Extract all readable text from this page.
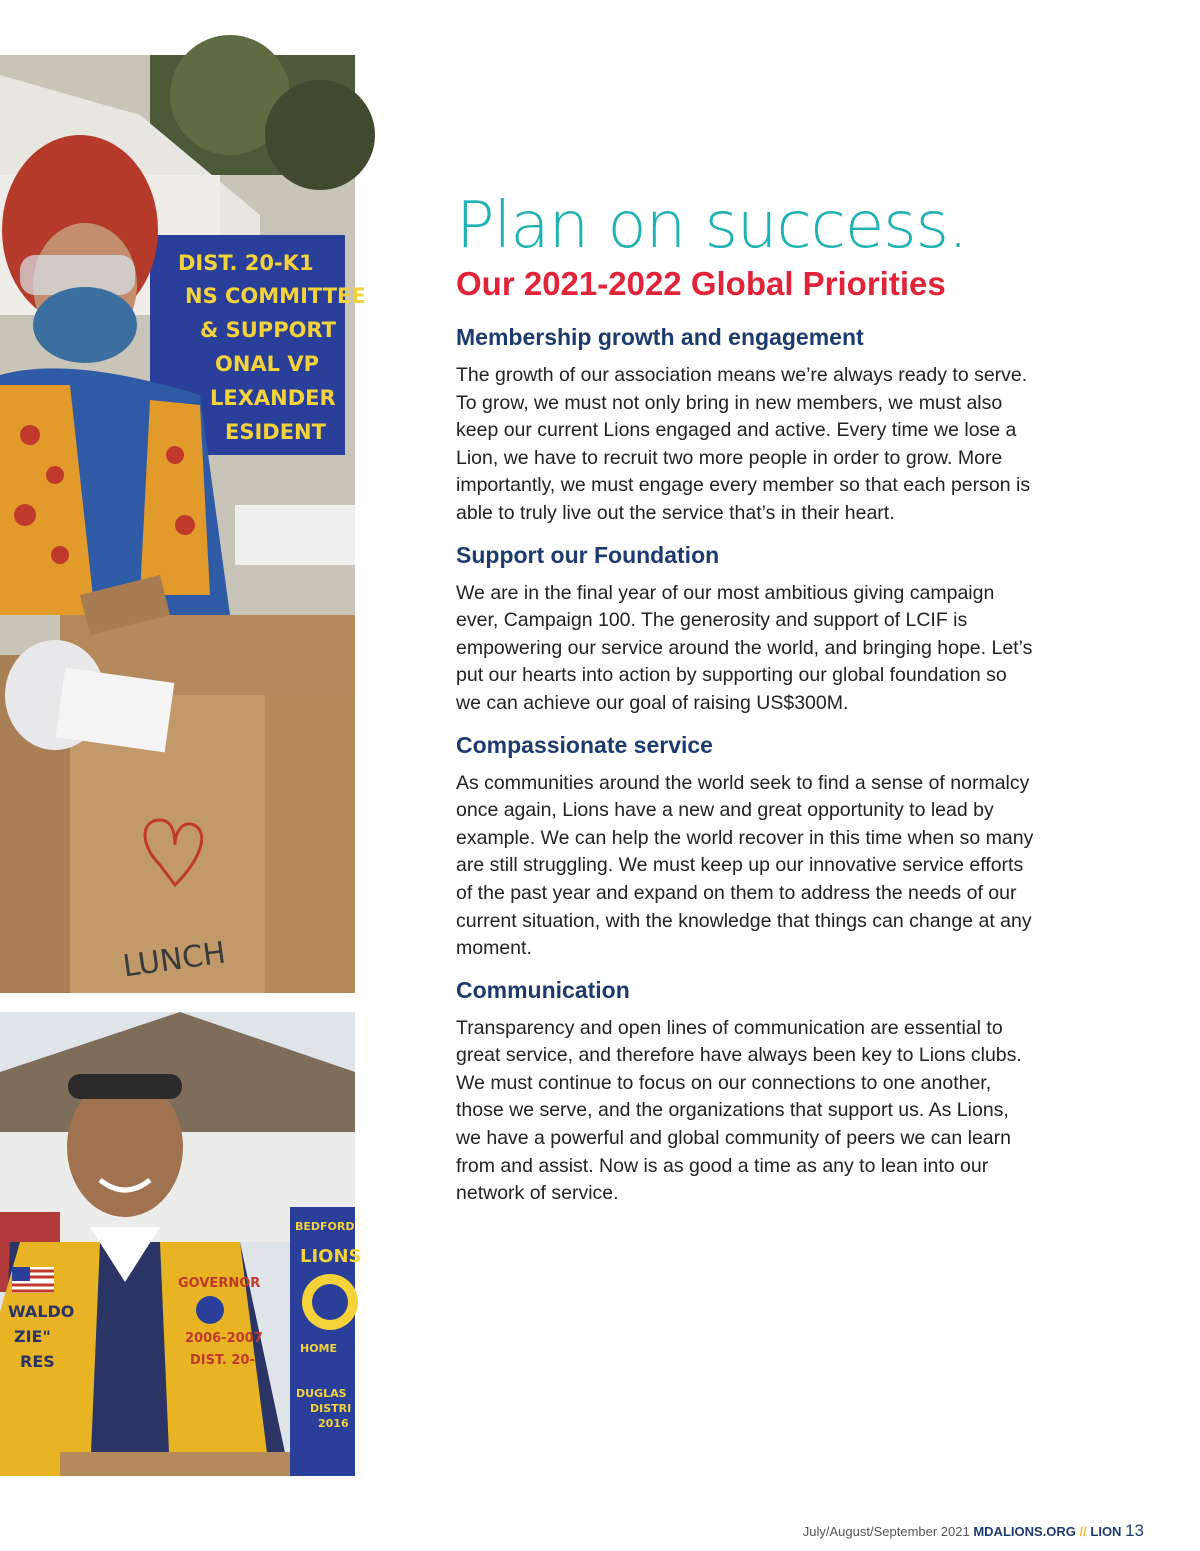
DIST. 20-K1
NS COMMITTEE
& SUPPORT
ONAL VP
LEXANDER
ESIDENT
LUNCH
BEDFORD
LIONS
HOME
DUGLAS
DISTRI
2016
WALDO
ZIE"
RES
GOVERNOR
2006-2007
DIST. 20-
Plan on success.
Our 2021-2022 Global Priorities
Membership growth and engagement

The growth of our association means we’re always ready to serve. To grow, we must not only bring in new members, we must also keep our current Lions engaged and active. Every time we lose a Lion, we have to recruit two more people in order to grow. More importantly, we must engage every member so that each person is able to truly live out the service that’s in their heart.

Support our Foundation

We are in the final year of our most ambitious giving campaign ever, Campaign 100. The generosity and support of LCIF is empowering our service around the world, and bringing hope. Let’s put our hearts into action by supporting our global foundation so we can achieve our goal of raising US$300M.

Compassionate service

As communities around the world seek to find a sense of normalcy once again, Lions have a new and great opportunity to lead by example. We can help the world recover in this time when so many are still struggling. We must keep up our innovative service efforts of the past year and expand on them to address the needs of our current situation, with the knowledge that things can change at any moment.

Communication

Transparency and open lines of communication are essential to great service, and therefore have always been key to Lions clubs. We must continue to focus on our connections to one another, those we serve, and the organizations that support us. As Lions, we have a powerful and global community of peers we can learn from and assist. Now is as good a time as any to lean into our network of service.

July/August/September 2021 MDALIONS.ORG // LION 13
